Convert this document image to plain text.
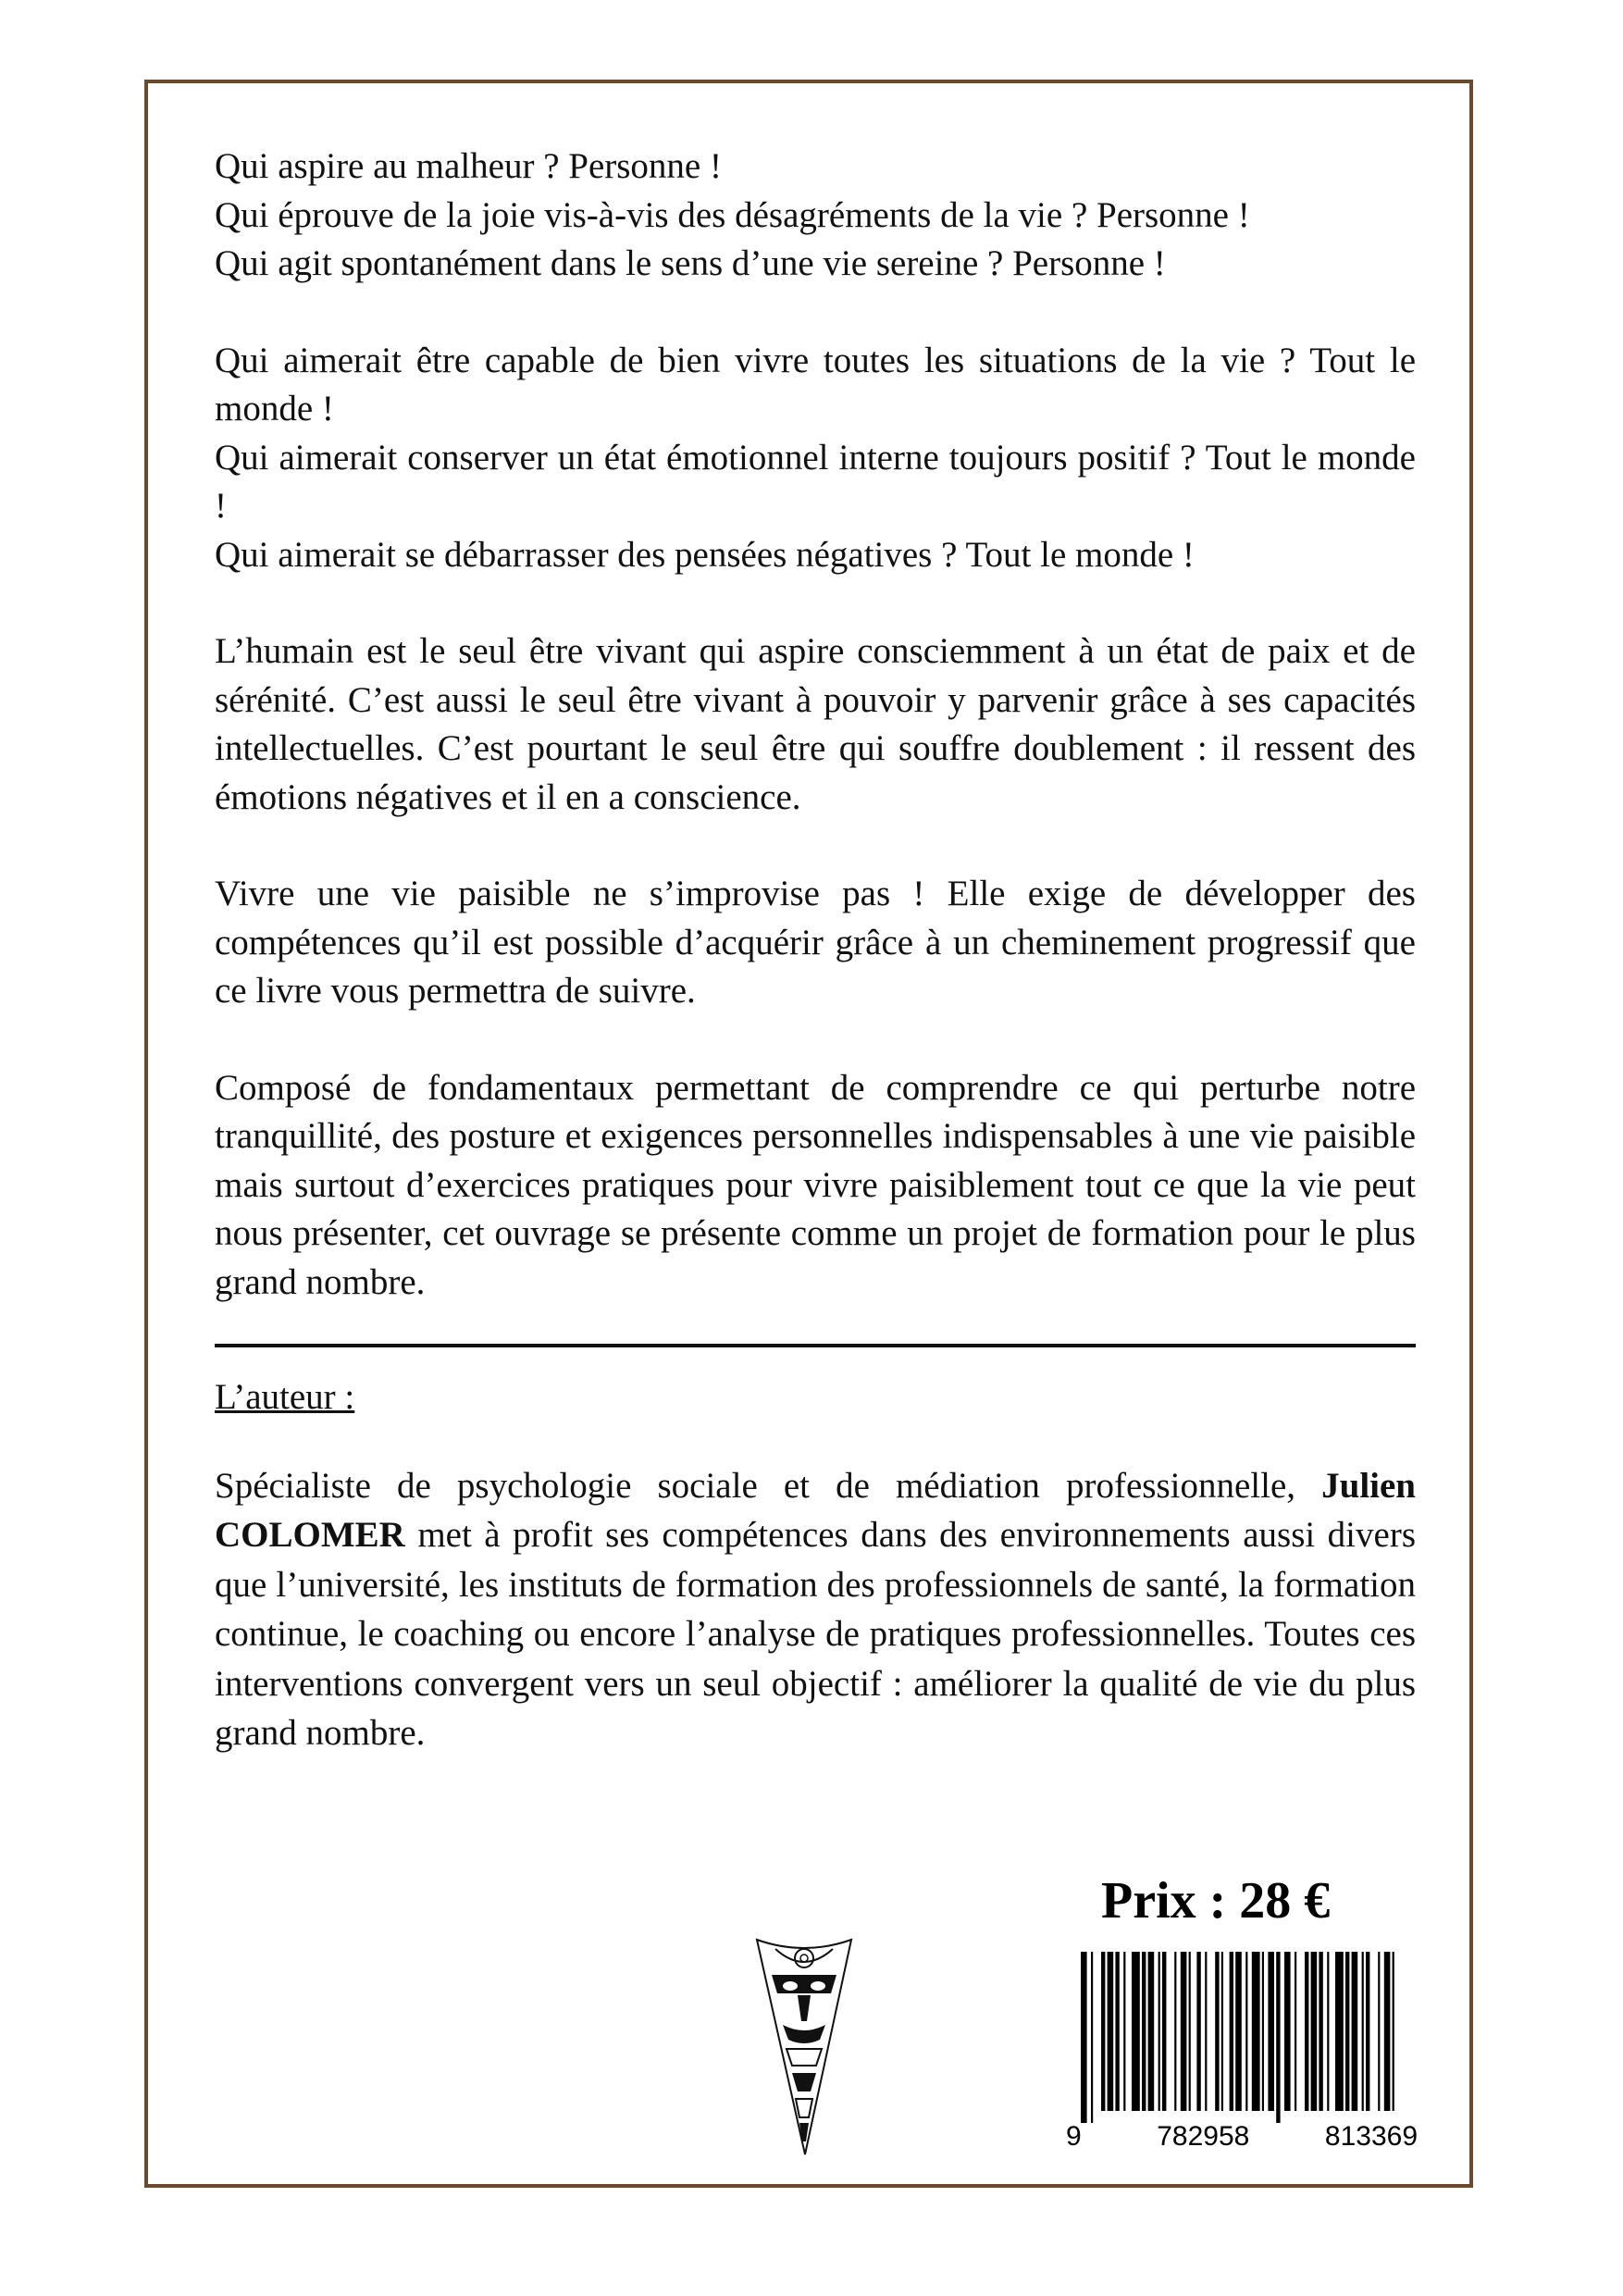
Qui aspire au malheur ? Personne !

Qui éprouve de la joie vis-à-vis des désagréments de la vie ? Personne !

Qui agit spontanément dans le sens d’une vie sereine ? Personne !

Qui aimerait être capable de bien vivre toutes les situations de la vie ? Tout le monde !

Qui aimerait conserver un état émotionnel interne toujours positif ? Tout le monde !

Qui aimerait se débarrasser des pensées négatives ? Tout le monde !

L’humain est le seul être vivant qui aspire consciemment à un état de paix et de sérénité. C’est aussi le seul être vivant à pouvoir y parvenir grâce à ses capacités intellectuelles. C’est pourtant le seul être qui souffre doublement : il ressent des émotions négatives et il en a conscience.

Vivre une vie paisible ne s’improvise pas ! Elle exige de développer des compétences qu’il est possible d’acquérir grâce à un cheminement progressif que ce livre vous permettra de suivre.

Composé de fondamentaux permettant de comprendre ce qui perturbe notre tranquillité, des posture et exigences personnelles indispensables à une vie paisible mais surtout d’exercices pratiques pour vivre paisiblement tout ce que la vie peut nous présenter, cet ouvrage se présente comme un projet de formation pour le plus grand nombre.

L’auteur :

Spécialiste de psychologie sociale et de médiation professionnelle, Julien COLOMER met à profit ses compétences dans des environnements aussi divers que l’université, les instituts de formation des professionnels de santé, la formation continue, le coaching ou encore l’analyse de pratiques professionnelles. Toutes ces interventions convergent vers un seul objectif : améliorer la qualité de vie du plus grand nombre.

Prix : 28 €
9	782958	813369
